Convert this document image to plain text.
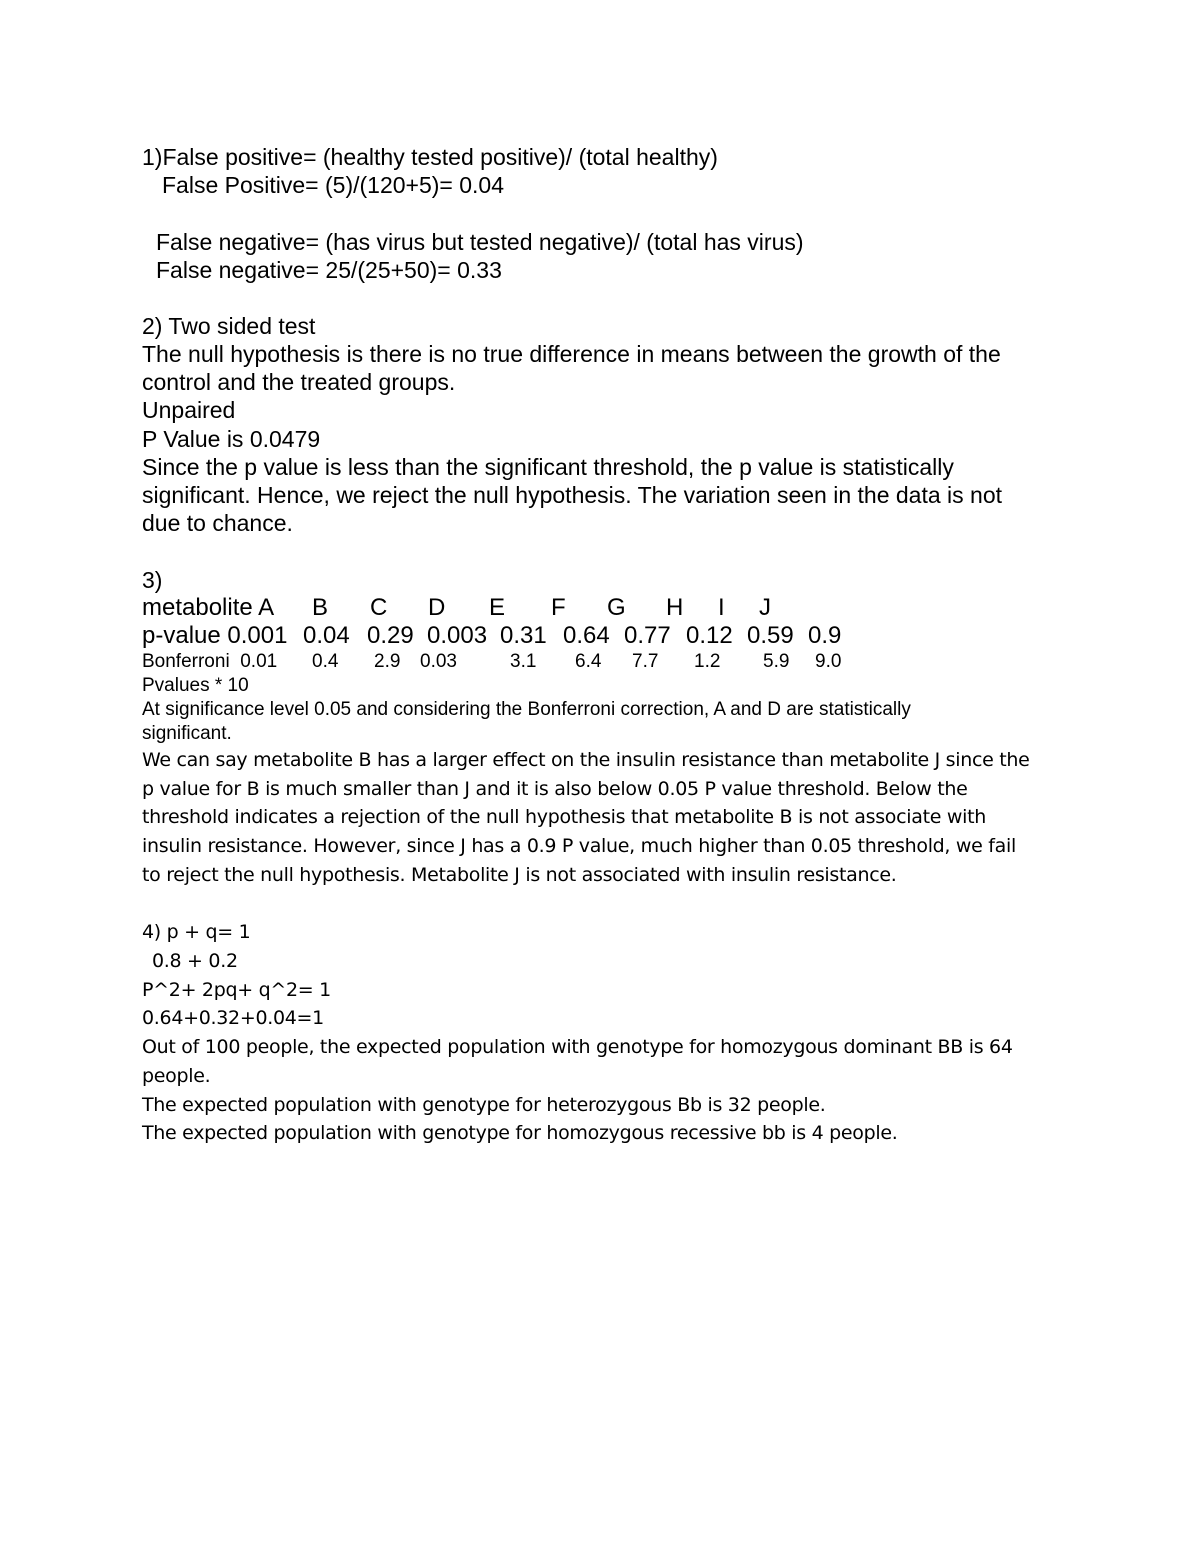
1)False positive= (healthy tested positive)/ (total healthy)
False Positive= (5)/(120+5)= 0.04
False negative= (has virus but tested negative)/ (total has virus)
False negative= 25/(25+50)= 0.33
2) Two sided test
The null hypothesis is there is no true difference in means between the growth of the
control and the treated groups.
Unpaired
P Value is 0.0479
Since the p value is less than the significant threshold, the p value is statistically
significant. Hence, we reject the null hypothesis. The variation seen in the data is not
due to chance.
3)
metabolite A B C D E F G H I J
p-value 0.001 0.04 0.29 0.003 0.31 0.64 0.77 0.12 0.59 0.9
Bonferroni  0.01 0.4 2.9 0.03	3.1 6.4 7.7 1.2 5.9 9.0
Pvalues * 10
At significance level 0.05 and considering the Bonferroni correction, A and D are statistically
significant.
We can say metabolite B has a larger effect on the insulin resistance than metabolite J since the
p value for B is much smaller than J and it is also below 0.05 P value threshold. Below the
threshold indicates a rejection of the null hypothesis that metabolite B is not associate with
insulin resistance. However, since J has a 0.9 P value, much higher than 0.05 threshold, we fail
to reject the null hypothesis. Metabolite J is not associated with insulin resistance.
4) p + q= 1
0.8 + 0.2
P^2+ 2pq+ q^2= 1
0.64+0.32+0.04=1
Out of 100 people, the expected population with genotype for homozygous dominant BB is 64
people.
The expected population with genotype for heterozygous Bb is 32 people.
The expected population with genotype for homozygous recessive bb is 4 people.
